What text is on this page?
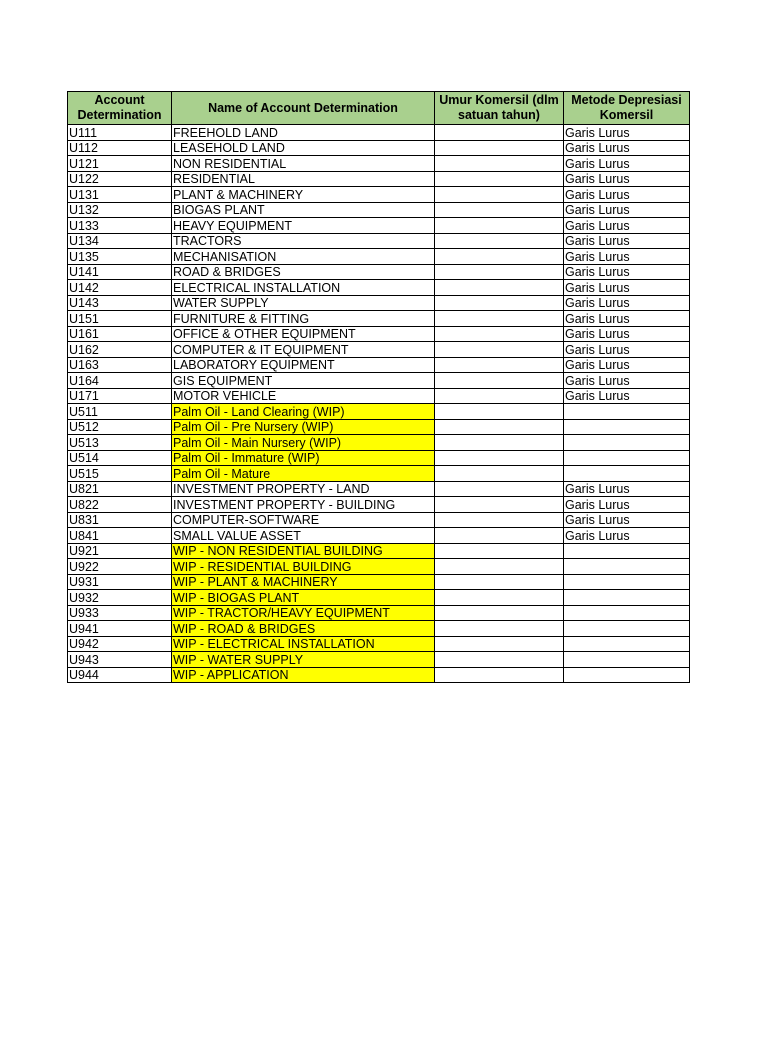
Account Determination	Name of Account Determination	Umur Komersil (dlm satuan tahun)	Metode Depresiasi Komersil
U111	FREEHOLD LAND		Garis Lurus
U112	LEASEHOLD LAND		Garis Lurus
U121	NON RESIDENTIAL		Garis Lurus
U122	RESIDENTIAL		Garis Lurus
U131	PLANT & MACHINERY		Garis Lurus
U132	BIOGAS PLANT		Garis Lurus
U133	HEAVY EQUIPMENT		Garis Lurus
U134	TRACTORS		Garis Lurus
U135	MECHANISATION		Garis Lurus
U141	ROAD & BRIDGES		Garis Lurus
U142	ELECTRICAL INSTALLATION		Garis Lurus
U143	WATER SUPPLY		Garis Lurus
U151	FURNITURE & FITTING		Garis Lurus
U161	OFFICE & OTHER EQUIPMENT		Garis Lurus
U162	COMPUTER & IT EQUIPMENT		Garis Lurus
U163	LABORATORY EQUIPMENT		Garis Lurus
U164	GIS EQUIPMENT		Garis Lurus
U171	MOTOR VEHICLE		Garis Lurus
U511	Palm Oil - Land Clearing (WIP)		
U512	Palm Oil - Pre Nursery (WIP)		
U513	Palm Oil - Main Nursery (WIP)		
U514	Palm Oil - Immature (WIP)		
U515	Palm Oil - Mature		
U821	INVESTMENT PROPERTY - LAND		Garis Lurus
U822	INVESTMENT PROPERTY - BUILDING		Garis Lurus
U831	COMPUTER-SOFTWARE		Garis Lurus
U841	SMALL VALUE ASSET		Garis Lurus
U921	WIP - NON RESIDENTIAL BUILDING		
U922	WIP - RESIDENTIAL BUILDING		
U931	WIP - PLANT & MACHINERY		
U932	WIP - BIOGAS PLANT		
U933	WIP - TRACTOR/HEAVY EQUIPMENT		
U941	WIP - ROAD & BRIDGES		
U942	WIP - ELECTRICAL INSTALLATION		
U943	WIP - WATER SUPPLY		
U944	WIP - APPLICATION		
